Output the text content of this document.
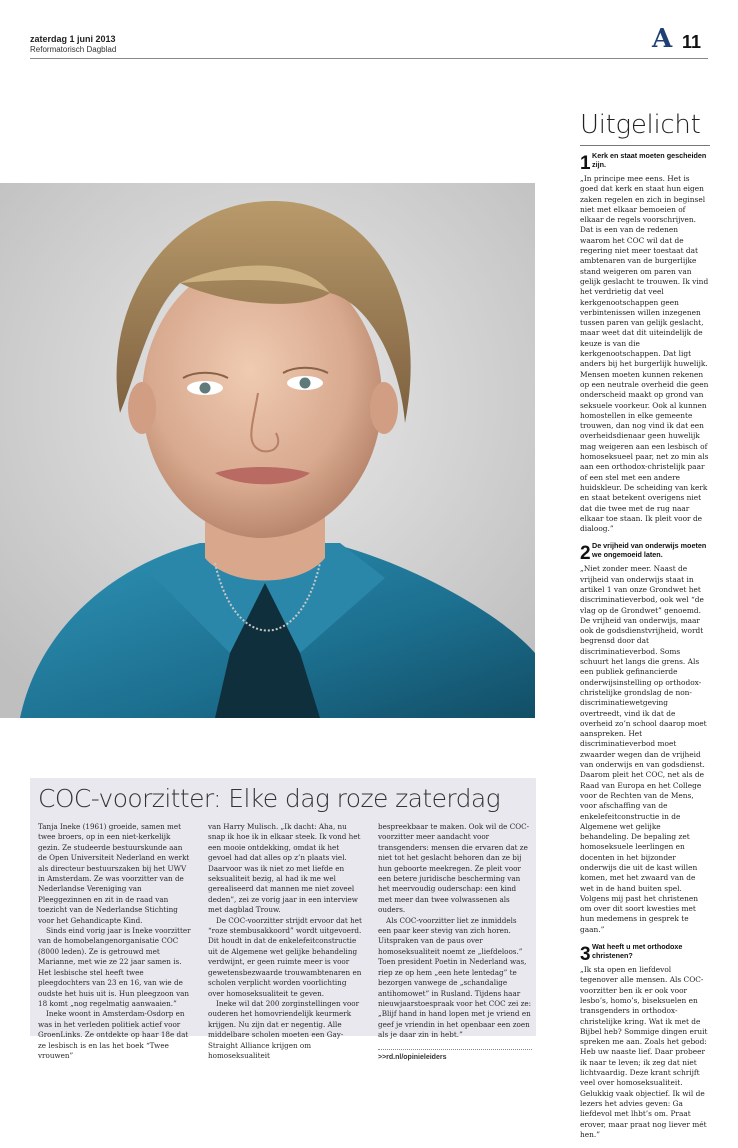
zaterdag 1 juni 2013
Reformatorisch Dagblad	A 11
Uitgelicht
COC-voorzitter: Elke dag roze zaterdag

Tanja Ineke (1961) groeide, samen met twee broers, op in een niet-kerkelijk gezin. Ze studeerde bestuurskunde aan de Open Universiteit Nederland en werkt als directeur bestuurszaken bij het UWV in Amsterdam. Ze was voorzitter van de Nederlandse Vereniging van Pleeggezinnen en zit in de raad van toezicht van de Nederlandse Stichting voor het Gehandicapte Kind.

Sinds eind vorig jaar is Ineke voorzitter van de homobelangenorganisatie COC (8000 leden). Ze is getrouwd met Marianne, met wie ze 22 jaar samen is. Het lesbische stel heeft twee pleegdochters van 23 en 16, van wie de oudste het huis uit is. Hun pleegzoon van 18 komt „nog regelmatig aanwaaien.”

Ineke woont in Amsterdam-Osdorp en was in het verleden politiek actief voor GroenLinks. Ze ontdekte op haar 18e dat ze lesbisch is en las het boek “Twee vrouwen”

van Harry Mulisch. „Ik dacht: Aha, nu snap ik hoe ik in elkaar steek. Ik vond het een mooie ontdekking, omdat ik het gevoel had dat alles op z’n plaats viel. Daarvoor was ik niet zo met liefde en seksualiteit bezig, al had ik me wel gerealiseerd dat mannen me niet zoveel deden”, zei ze vorig jaar in een interview met dagblad Trouw.

De COC-voorzitter strijdt ervoor dat het “roze stembusakkoord” wordt uitgevoerd. Dit houdt in dat de enkelefeitconstructie uit de Algemene wet gelijke behandeling verdwijnt, er geen ruimte meer is voor gewetensbezwaarde trouwambtenaren en scholen verplicht worden voorlichting over homoseksualiteit te geven.

Ineke wil dat 200 zorginstellingen voor ouderen het homovriendelijk keurmerk krijgen. Nu zijn dat er negentig. Alle middelbare scholen moeten een Gay-Straight Alliance krijgen om homoseksualiteit

bespreekbaar te maken. Ook wil de COC-voorzitter meer aandacht voor transgenders: mensen die ervaren dat ze niet tot het geslacht behoren dan ze bij hun geboorte meekregen. Ze pleit voor een betere juridische bescherming van het meervoudig ouderschap: een kind met meer dan twee volwassenen als ouders.

Als COC-voorzitter liet ze inmiddels een paar keer stevig van zich horen. Uitspraken van de paus over homoseksualiteit noemt ze „liefdeloos.” Toen president Poetin in Nederland was, riep ze op hem „een hete lentedag” te bezorgen vanwege de „schandalige antihomowet” in Rusland. Tijdens haar nieuwjaarstoespraak voor het COC zei ze: „Blijf hand in hand lopen met je vriend en geef je vriendin in het openbaar een zoen als je daar zin in hebt.”

>>rd.nl/opinieleiders
1 Kerk en staat moeten gescheiden zijn.
„In principe mee eens. Het is goed dat kerk en staat hun eigen zaken regelen en zich in beginsel niet met elkaar bemoeien of elkaar de regels voorschrijven. Dat is een van de redenen waarom het COC wil dat de regering niet meer toestaat dat ambtenaren van de burgerlijke stand weigeren om paren van gelijk geslacht te trouwen. Ik vind het verdrietig dat veel kerkgenootschappen geen verbintenissen willen inzegenen tussen paren van gelijk geslacht, maar weet dat dit uiteindelijk de keuze is van die kerkgenootschappen. Dat ligt anders bij het burgerlijk huwelijk. Mensen moeten kunnen rekenen op een neutrale overheid die geen onderscheid maakt op grond van seksuele voorkeur. Ook al kunnen homostellen in elke gemeente trouwen, dan nog vind ik dat een overheidsdienaar geen huwelijk mag weigeren aan een lesbisch of homoseksueel paar, net zo min als aan een orthodox-christelijk paar of een stel met een andere huidskleur. De scheiding van kerk en staat betekent overigens niet dat die twee met de rug naar elkaar toe staan. Ik pleit voor de dialoog.”
2 De vrijheid van onderwijs moeten we ongemoeid laten.
„Niet zonder meer. Naast de vrijheid van onderwijs staat in artikel 1 van onze Grondwet het discriminatieverbod, ook wel “de vlag op de Grondwet” genoemd. De vrijheid van onderwijs, maar ook de godsdienstvrijheid, wordt begrensd door dat discriminatieverbod. Soms schuurt het langs die grens. Als een publiek gefinancierde onderwijsinstelling op orthodox-christelijke grondslag de non-discriminatiewetgeving overtreedt, vind ik dat de overheid zo’n school daarop moet aanspreken. Het discriminatieverbod moet zwaarder wegen dan de vrijheid van onderwijs en van godsdienst. Daarom pleit het COC, net als de Raad van Europa en het College voor de Rechten van de Mens, voor afschaffing van de enkelefeitconstructie in de Algemene wet gelijke behandeling. De bepaling zet homoseksuele leerlingen en docenten in het bijzonder onderwijs die uit de kast willen komen, met het zwaard van de wet in de hand buiten spel. Volgens mij past het christenen om over dit soort kwesties met hun medemens in gesprek te gaan.”
3 Wat heeft u met orthodoxe christenen?
„Ik sta open en liefdevol tegenover alle mensen. Als COC-voorzitter ben ik er ook voor lesbo’s, homo’s, biseksuelen en transgenders in orthodox-christelijke kring. Wat ik met de Bijbel heb? Sommige dingen eruit spreken me aan. Zoals het gebod: Heb uw naaste lief. Daar probeer ik naar te leven; ik zeg dat niet lichtvaardig. Deze krant schrijft veel over homoseksualiteit. Gelukkig vaak objectief. Ik wil de lezers het advies geven: Ga liefdevol met lhbt’s om. Praat erover, maar praat nog liever mét hen.”
